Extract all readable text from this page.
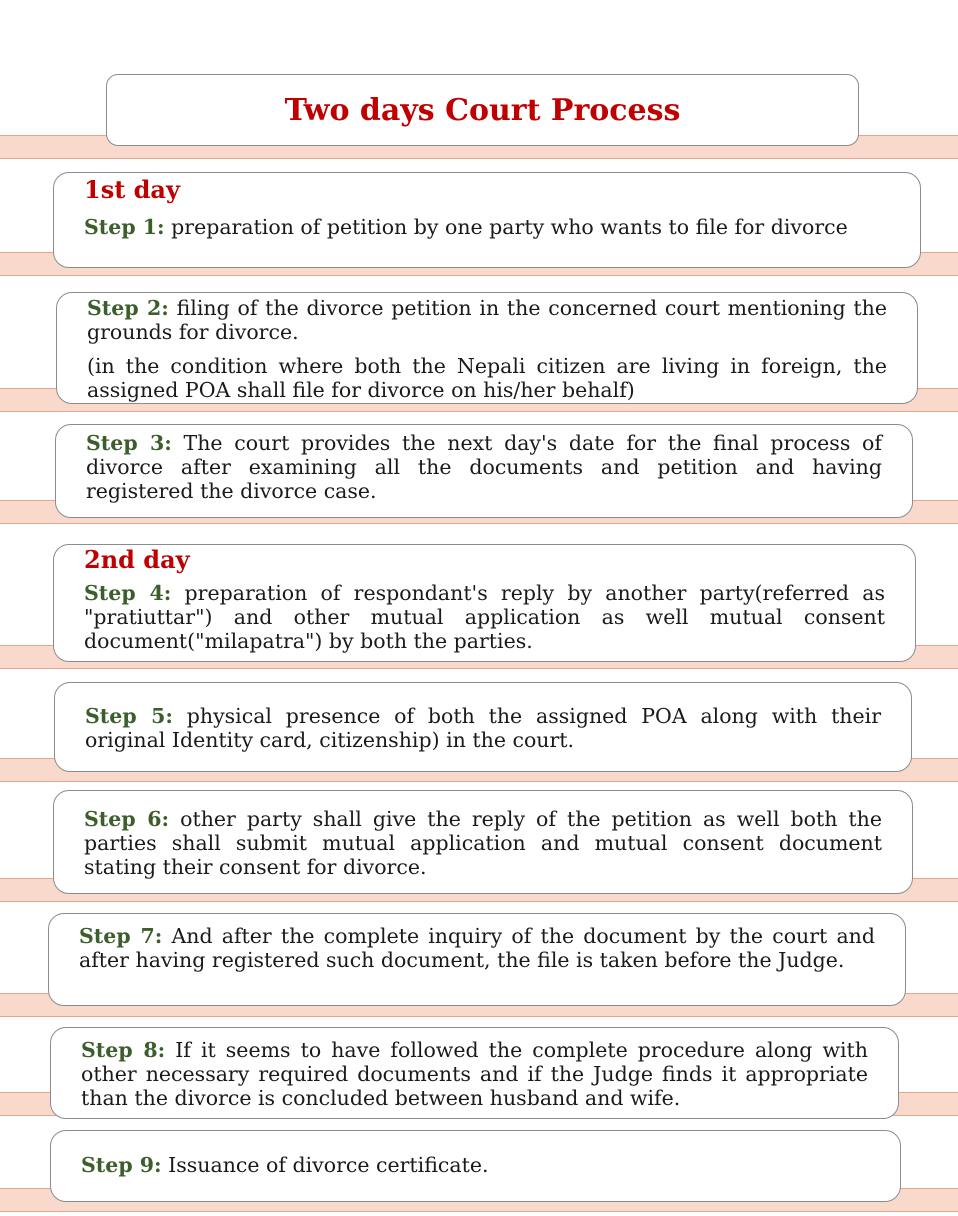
Two days Court Process
1st day
Step 1: preparation of petition by one party who wants to file for divorce
Step 2: filing of the divorce petition in the concerned court mentioning the grounds for divorce.
(in the condition where both the Nepali citizen are living in foreign, the assigned POA shall file for divorce on his/her behalf)
Step 3: The court provides the next day's date for the final process of divorce after examining all the documents and petition and having registered the divorce case.
2nd day
Step 4: preparation of respondant's reply by another party(referred as "pratiuttar") and other mutual application as well mutual consent document("milapatra") by both the parties.
Step 5: physical presence of both the assigned POA along with their original Identity card, citizenship) in the court.
Step 6: other party shall give the reply of the petition as well both the parties shall submit mutual application and mutual consent document stating their consent for divorce.
Step 7: And after the complete inquiry of the document by the court and after having registered such document, the file is taken before the Judge.
Step 8: If it seems to have followed the complete procedure along with other necessary required documents and if the Judge finds it appropriate than the divorce is concluded between husband and wife.
Step 9: Issuance of divorce certificate.
